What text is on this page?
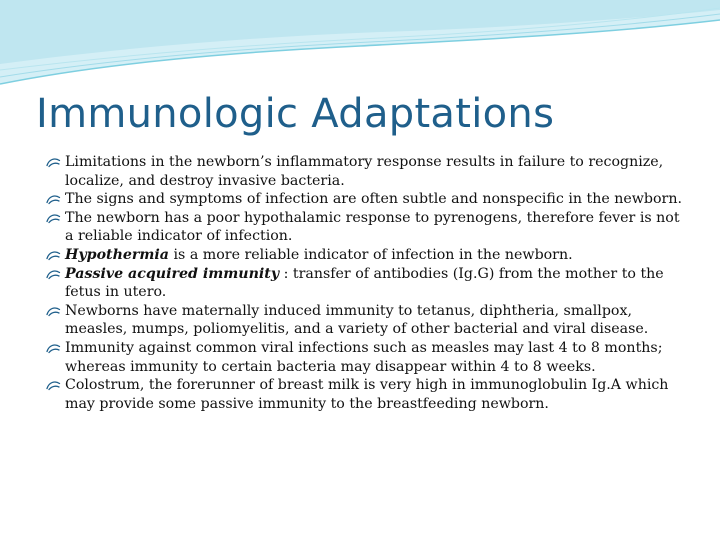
Immunologic Adaptations
Limitations in the newborn’s inflammatory response results in failure to recognize, localize, and destroy invasive bacteria.
The signs and symptoms of infection are often subtle and nonspecific in the newborn.
The newborn has a poor hypothalamic response to pyrenogens, therefore fever is not a reliable indicator of infection.
Hypothermia is a more reliable indicator of infection in the newborn.
Passive acquired immunity : transfer of antibodies (Ig.G) from the mother to the fetus in utero.
Newborns have maternally induced immunity to tetanus, diphtheria, smallpox, measles, mumps, poliomyelitis, and a variety of other bacterial and viral disease.
Immunity against common viral infections such as measles may last 4 to 8 months; whereas immunity to certain bacteria may disappear within 4 to 8 weeks.
Colostrum, the forerunner of breast milk is very high in immunoglobulin Ig.A which may provide some passive immunity to the breastfeeding newborn.
